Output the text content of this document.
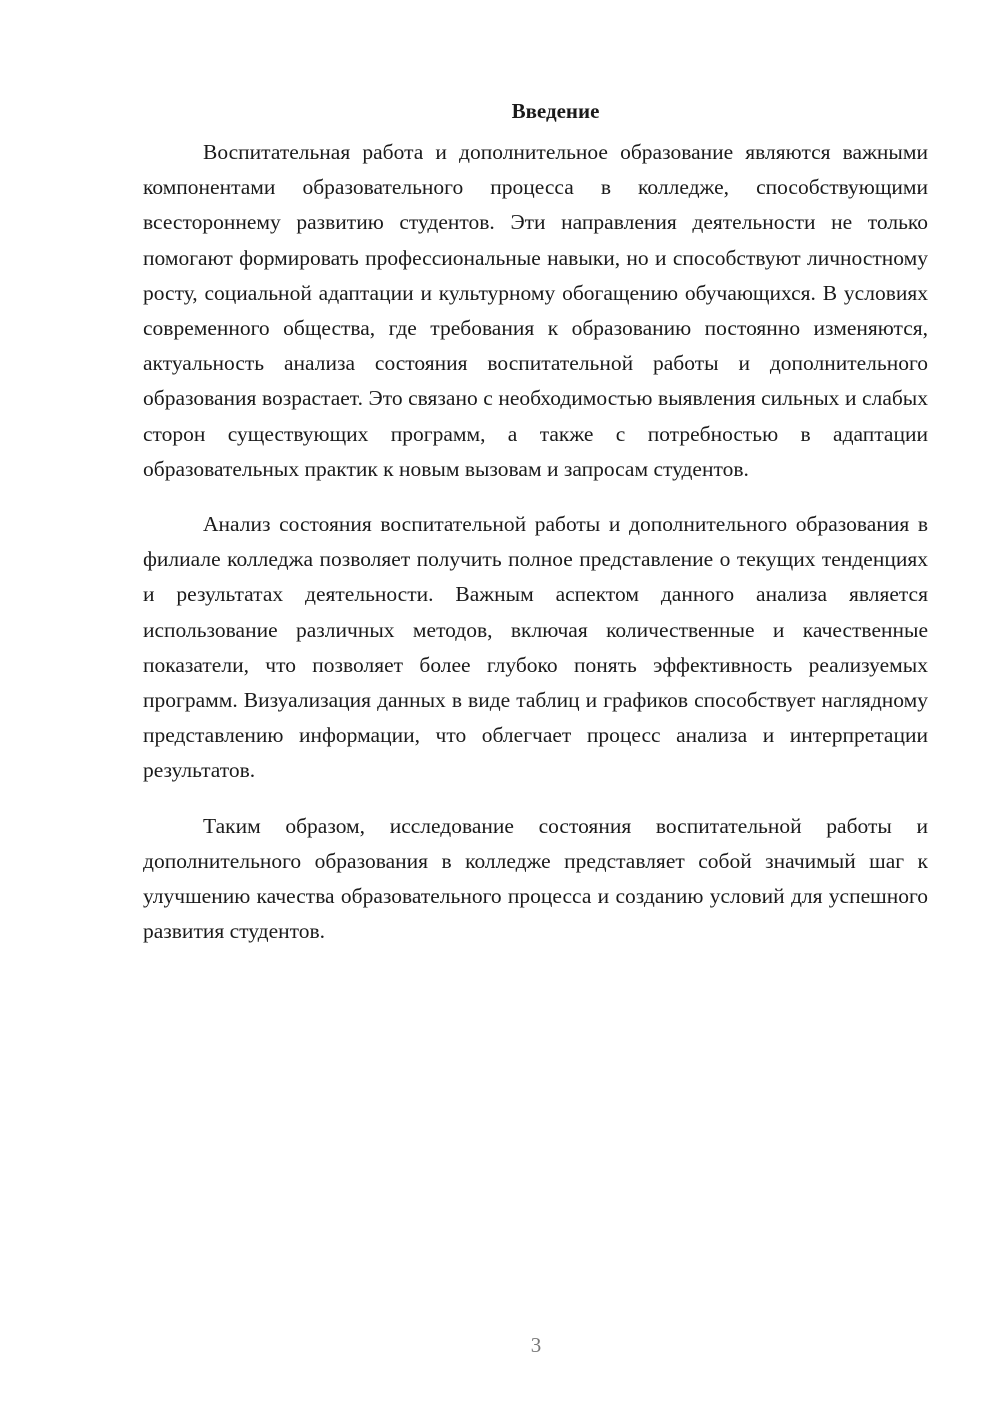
Введение

Воспитательная работа и дополнительное образование являются важными компонентами образовательного процесса в колледже, способствующими всестороннему развитию студентов. Эти направления деятельности не только помогают формировать профессиональные навыки, но и способствуют личностному росту, социальной адаптации и культурному обогащению обучающихся. В условиях современного общества, где требования к образованию постоянно изменяются, актуальность анализа состояния воспитательной работы и дополнительного образования возрастает. Это связано с необходимостью выявления сильных и слабых сторон существующих программ, а также с потребностью в адаптации образовательных практик к новым вызовам и запросам студентов.

Анализ состояния воспитательной работы и дополнительного образования в филиале колледжа позволяет получить полное представление о текущих тенденциях и результатах деятельности. Важным аспектом данного анализа является использование различных методов, включая количественные и качественные показатели, что позволяет более глубоко понять эффективность реализуемых программ. Визуализация данных в виде таблиц и графиков способствует наглядному представлению информации, что облегчает процесс анализа и интерпретации результатов.

Таким образом, исследование состояния воспитательной работы и дополнительного образования в колледже представляет собой значимый шаг к улучшению качества образовательного процесса и созданию условий для успешного развития студентов.

3
